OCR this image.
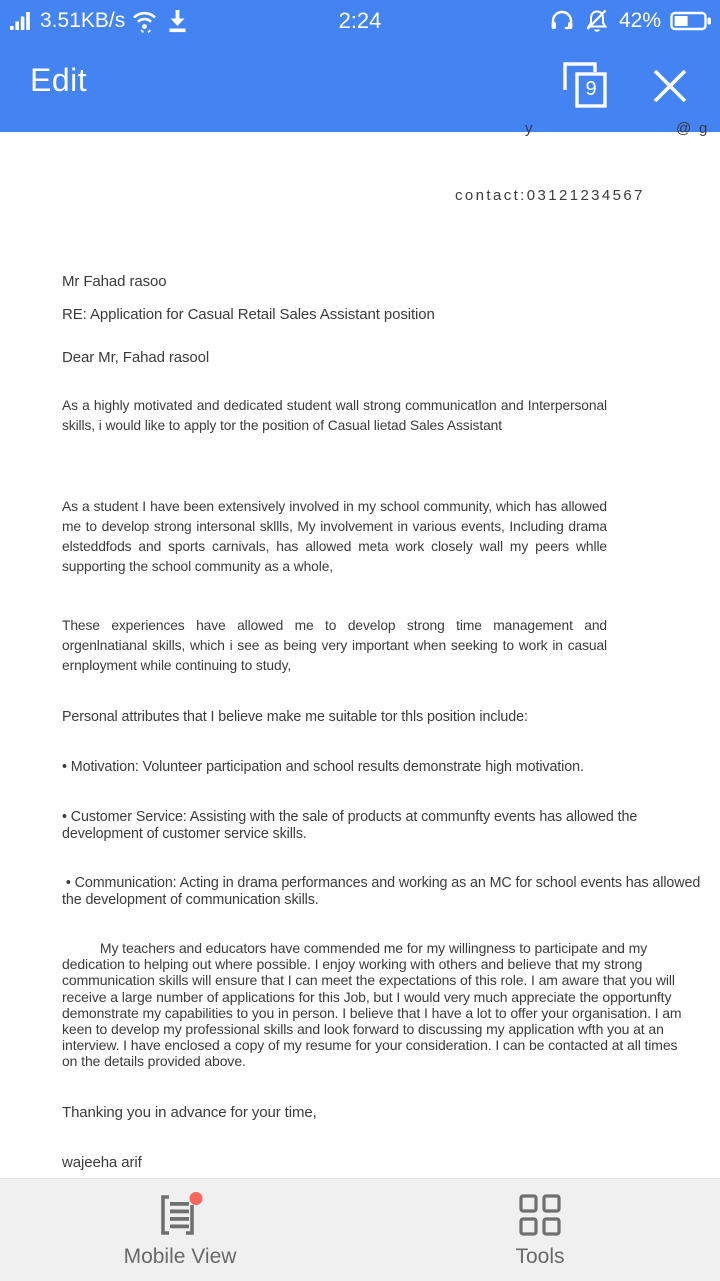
3.51KB/s	2:24	42%
Edit	9
y	@ g
contact:03121234567
Mr Fahad rasoo
RE: Application for Casual Retail Sales Assistant position
Dear Mr, Fahad rasool
As a highly motivated and dedicated student wall strong communicatlon and Interpersonal skills, i would like to apply tor the position of Casual lietad Sales Assistant
As a student I have been extensively involved in my school community, which has allowed me to develop strong intersonal skllls, My involvement in various events, Including drama elsteddfods and sports carnivals, has allowed meta work closely wall my peers whlle supporting the school community as a whole,
These experiences have allowed me to develop strong time management and orgenlnatianal skills, which i see as being very important when seeking to work in casual ernployment while continuing to study,
Personal attributes that I believe make me suitable tor thls position include:
• Motivation: Volunteer participation and school results demonstrate high motivation.
• Customer Service: Assisting with the sale of products at communfty events has allowed the development of customer service skills.
• Communication: Acting in drama performances and working as an MC for school events has allowed
the development of communication skills.
My teachers and educators have commended me for my willingness to participate and my
dedication to helping out where possible. I enjoy working with others and believe that my strong
communication skills will ensure that I can meet the expectations of this role. I am aware that you will
receive a large number of applications for this Job, but I would very much appreciate the opportunfty
demonstrate my capabilities to you in person. I believe that I have a lot to offer your organisation. I am
keen to develop my professional skills and look forward to discussing my application wfth you at an
interview. I have enclosed a copy of my resume for your consideration. I can be contacted at all times
on the details provided above.
Thanking you in advance for your time,
wajeeha arif
Mobile View	Tools
